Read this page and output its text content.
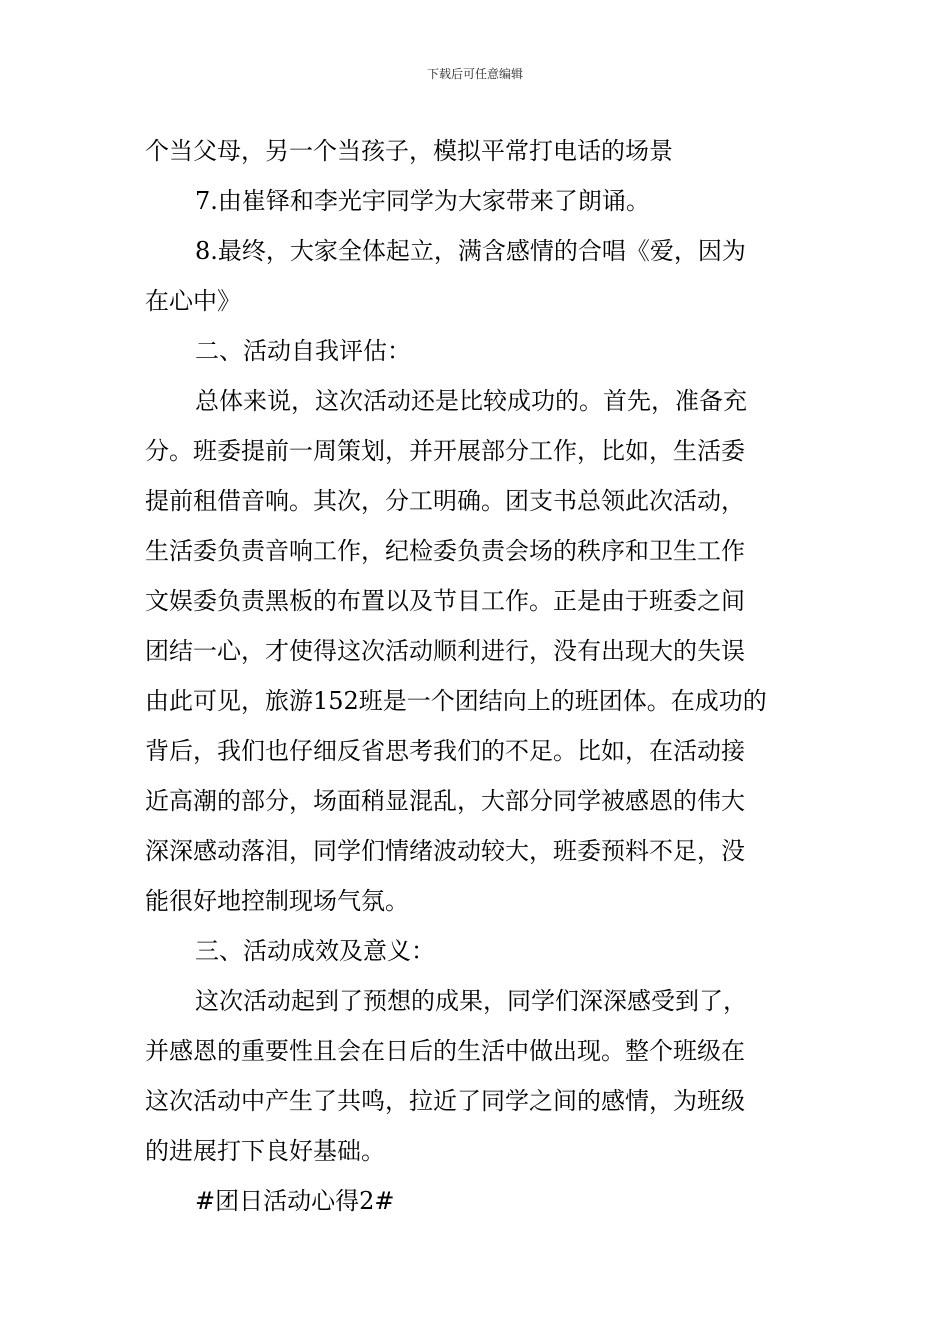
下载后可任意编辑
个当父母，另一个当孩子，模拟平常打电话的场景
7.由崔铎和李光宇同学为大家带来了朗诵。
8.最终，大家全体起立，满含感情的合唱《爱，因为
在心中》
二、活动自我评估：
总体来说，这次活动还是比较成功的。首先，准备充
分。班委提前一周策划，并开展部分工作，比如，生活委
提前租借音响。其次，分工明确。团支书总领此次活动，
生活委负责音响工作，纪检委负责会场的秩序和卫生工作
文娱委负责黑板的布置以及节目工作。正是由于班委之间
团结一心，才使得这次活动顺利进行，没有出现大的失误
由此可见，旅游152班是一个团结向上的班团体。在成功的
背后，我们也仔细反省思考我们的不足。比如，在活动接
近高潮的部分，场面稍显混乱，大部分同学被感恩的伟大
深深感动落泪，同学们情绪波动较大，班委预料不足，没
能很好地控制现场气氛。
三、活动成效及意义：
这次活动起到了预想的成果，同学们深深感受到了，
并感恩的重要性且会在日后的生活中做出现。整个班级在
这次活动中产生了共鸣，拉近了同学之间的感情，为班级
的进展打下良好基础。
#团日活动心得2#
